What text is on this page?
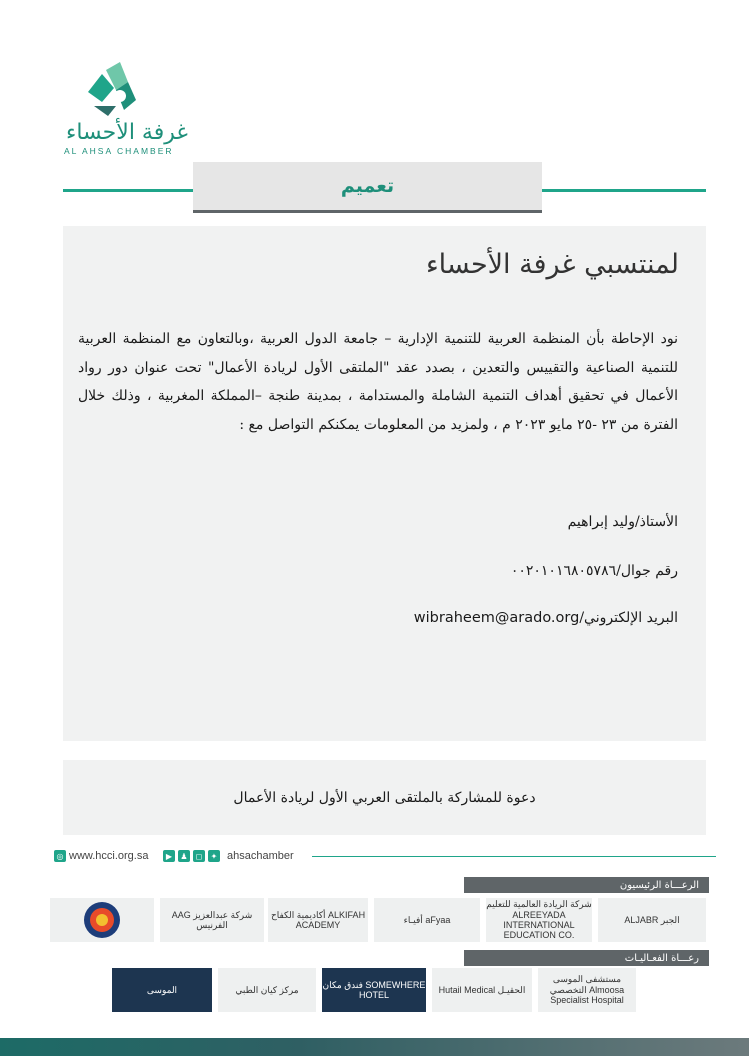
غرفة الأحساء
AL AHSA CHAMBER
تعميم
لمنتسبي غرفة الأحساء
نود الإحاطة بأن المنظمة العربية للتنمية الإدارية – جامعة الدول العربية ،وبالتعاون مع المنظمة العربية للتنمية الصناعية والتقييس والتعدين ، بصدد عقد "الملتقى الأول لريادة الأعمال" تحت عنوان دور رواد الأعمال في تحقيق أهداف التنمية الشاملة والمستدامة ، بمدينة طنجة –المملكة المغربية ، وذلك خلال الفترة من ٢٣ -٢٥ مايو ٢٠٢٣ م ، ولمزيد من المعلومات يمكنكم التواصل مع :
الأستاذ/وليد إبراهيم
رقم جوال/٠٠٢٠١٠١٦٨٠٥٧٨٦
البريد الإلكتروني/wibraheem@arado.org
دعوة للمشاركة بالملتقى العربي الأول لريادة الأعمال
◎ www.hcci.org.sa	▶	♟	◻	✦ ahsachamber
الرعـــاة الرئيسيون
ALJABR الجبر
شركة الريادة العالمية للتعليم ALREEYADA INTERNATIONAL EDUCATION CO.
أفيـاء aFyaa
أكاديمية الكفاح ALKIFAH ACADEMY
AAG شركة عبدالعزيز الفرنيس
رعـــاة الفعـاليـات
مستشفى الموسى التخصصي Almoosa Specialist Hospital
Hutail Medical الحقيـل
فندق مكان SOMEWHERE HOTEL
مركز كيان الطبي
الموسى
